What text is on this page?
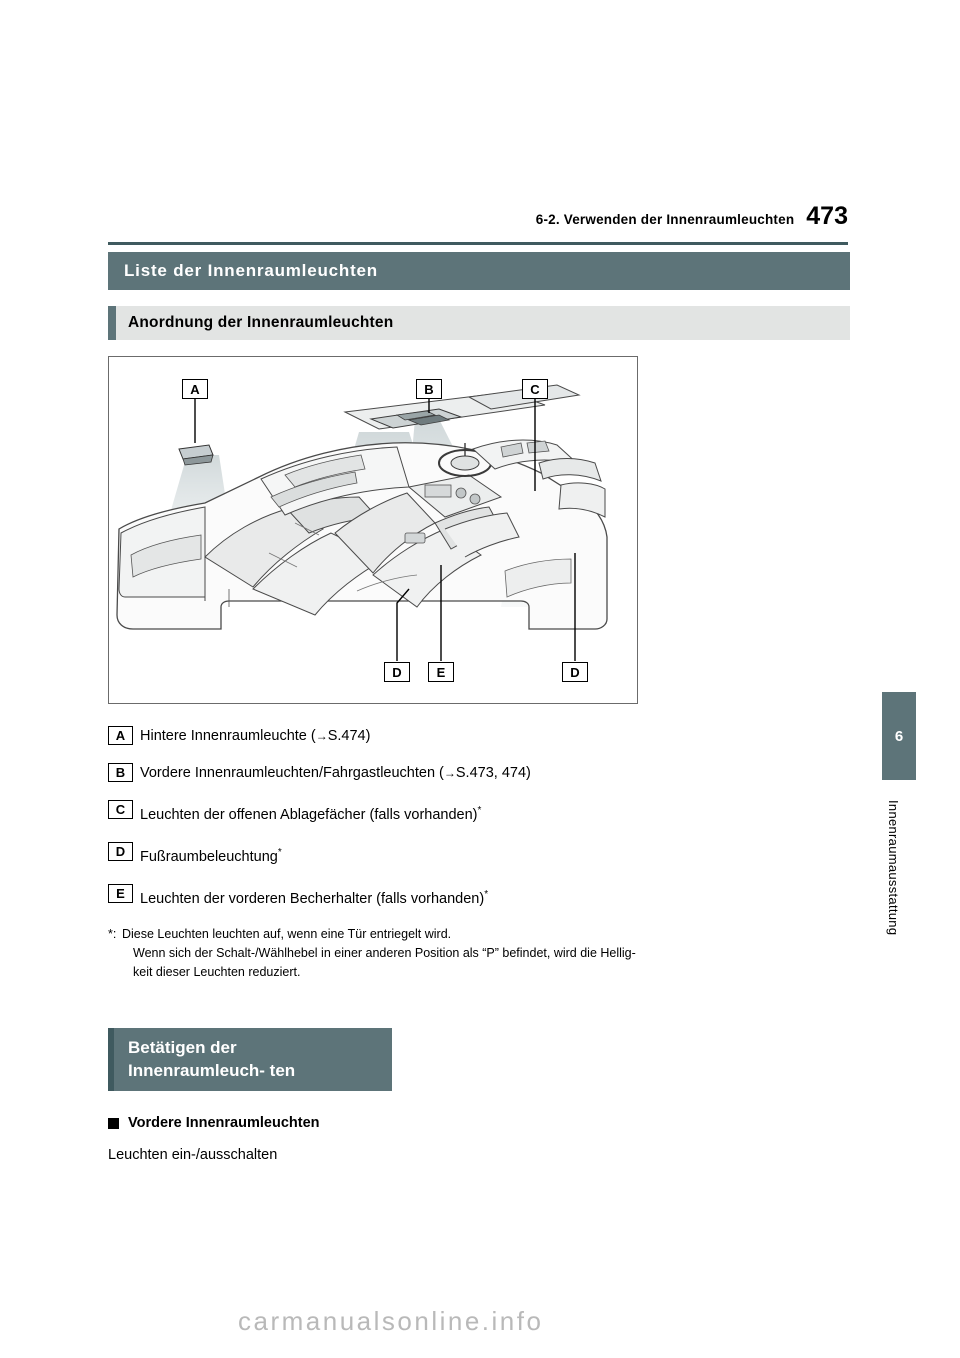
6-2. Verwenden der Innenraumleuchten 473
6
Innenraumausstattung
Liste der Innenraumleuchten
Anordnung der Innenraumleuchten
A	B	C
D	E	D
A	Hintere Innenraumleuchte (→S.474)
B	Vordere Innenraumleuchten/Fahrgastleuchten (→S.473, 474)
C	Leuchten der offenen Ablagefächer (falls vorhanden)*
D	Fußraumbeleuchtung*
E	Leuchten der vorderen Becherhalter (falls vorhanden)*
*: Diese Leuchten leuchten auf, wenn eine Tür entriegelt wird.
Wenn sich der Schalt-/Wählhebel in einer anderen Position als “P” befindet, wird die Hellig-
keit dieser Leuchten reduziert.
Betätigen der Innenraumleuch- ten
Vordere Innenraumleuchten
Leuchten ein-/ausschalten
carmanualsonline.info
